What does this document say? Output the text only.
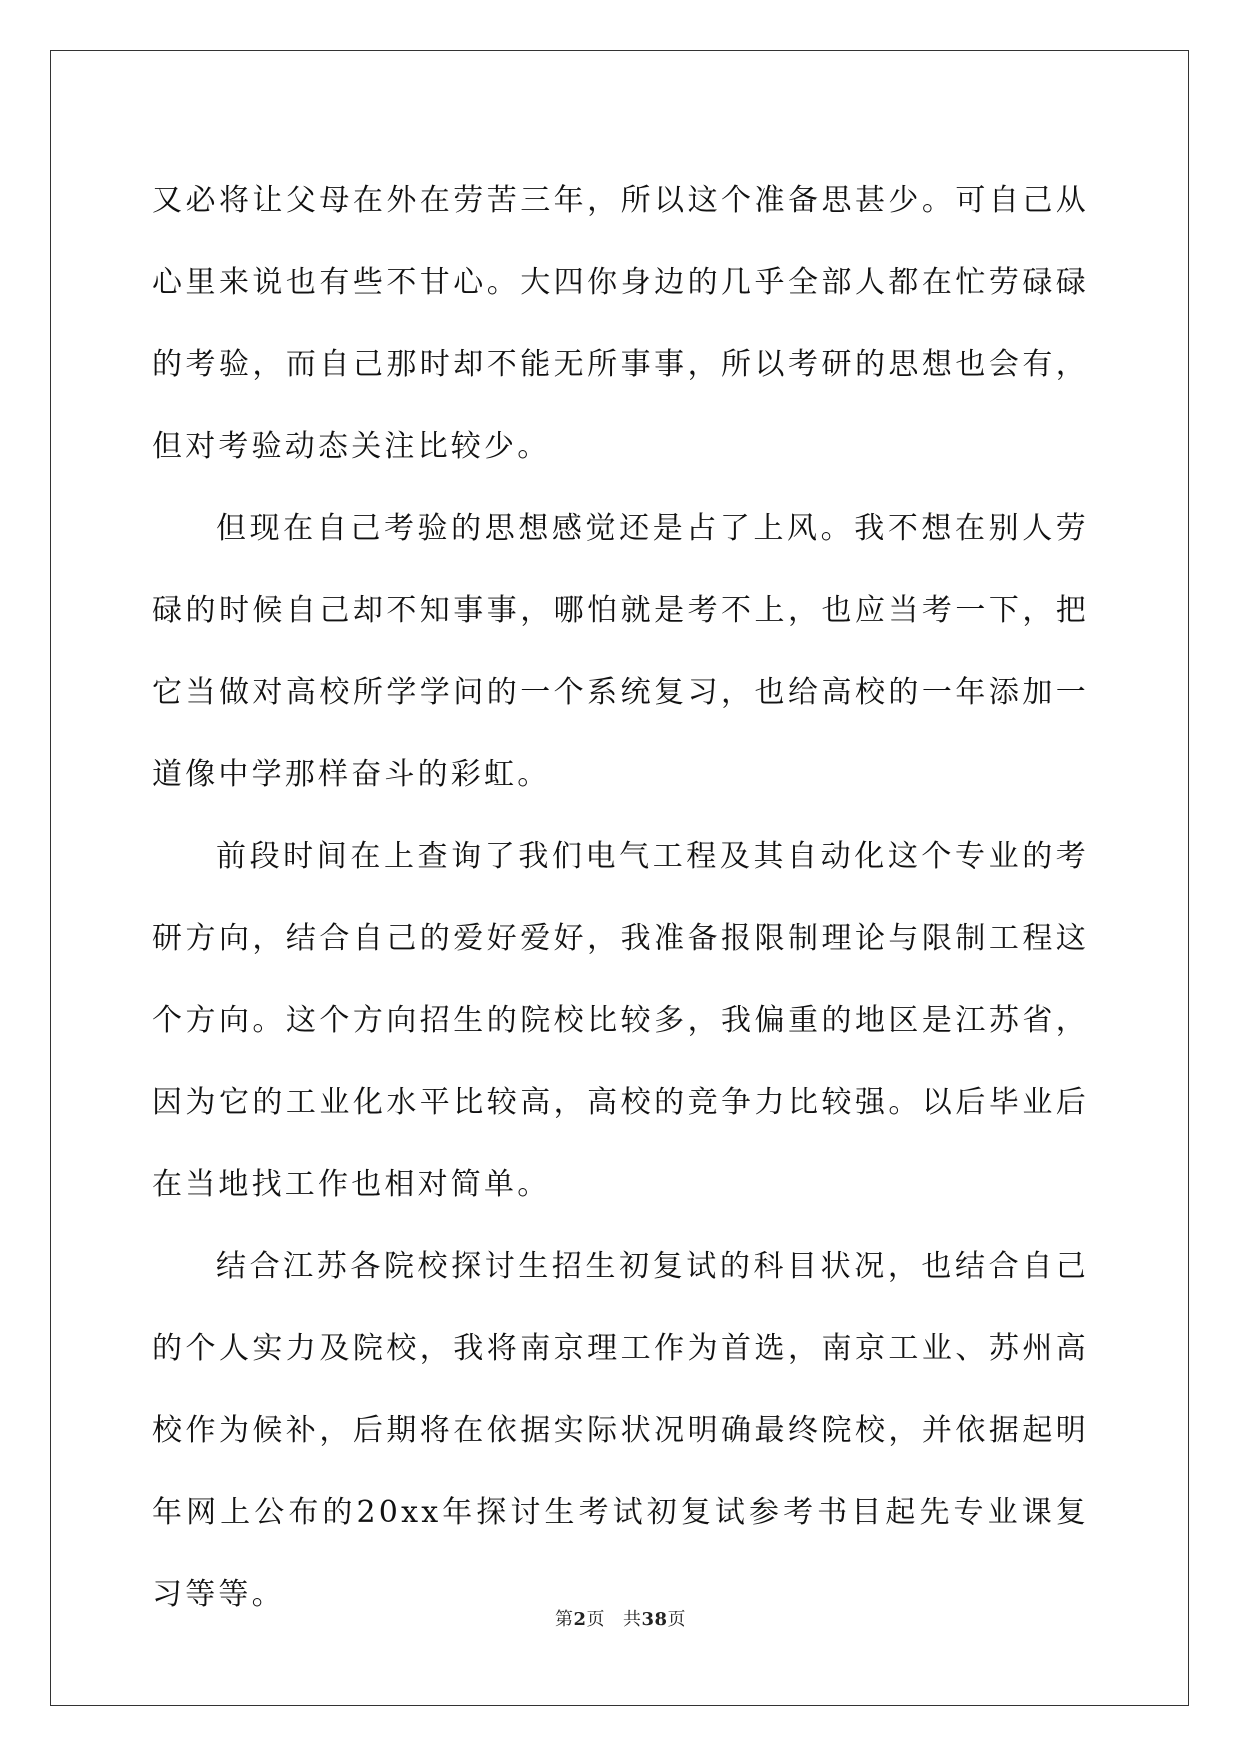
又必将让父母在外在劳苦三年，所以这个准备思甚少。可自己从心里来说也有些不甘心。大四你身边的几乎全部人都在忙劳碌碌的考验，而自己那时却不能无所事事，所以考研的思想也会有，但对考验动态关注比较少。

但现在自己考验的思想感觉还是占了上风。我不想在别人劳碌的时候自己却不知事事，哪怕就是考不上，也应当考一下，把它当做对高校所学学问的一个系统复习，也给高校的一年添加一道像中学那样奋斗的彩虹。

前段时间在上查询了我们电气工程及其自动化这个专业的考研方向，结合自己的爱好爱好，我准备报限制理论与限制工程这个方向。这个方向招生的院校比较多，我偏重的地区是江苏省，因为它的工业化水平比较高，高校的竞争力比较强。以后毕业后在当地找工作也相对简单。

结合江苏各院校探讨生招生初复试的科目状况，也结合自己的个人实力及院校，我将南京理工作为首选，南京工业、苏州高校作为候补，后期将在依据实际状况明确最终院校，并依据起明年网上公布的20xx年探讨生考试初复试参考书目起先专业课复习等等。

第2页 共38页
